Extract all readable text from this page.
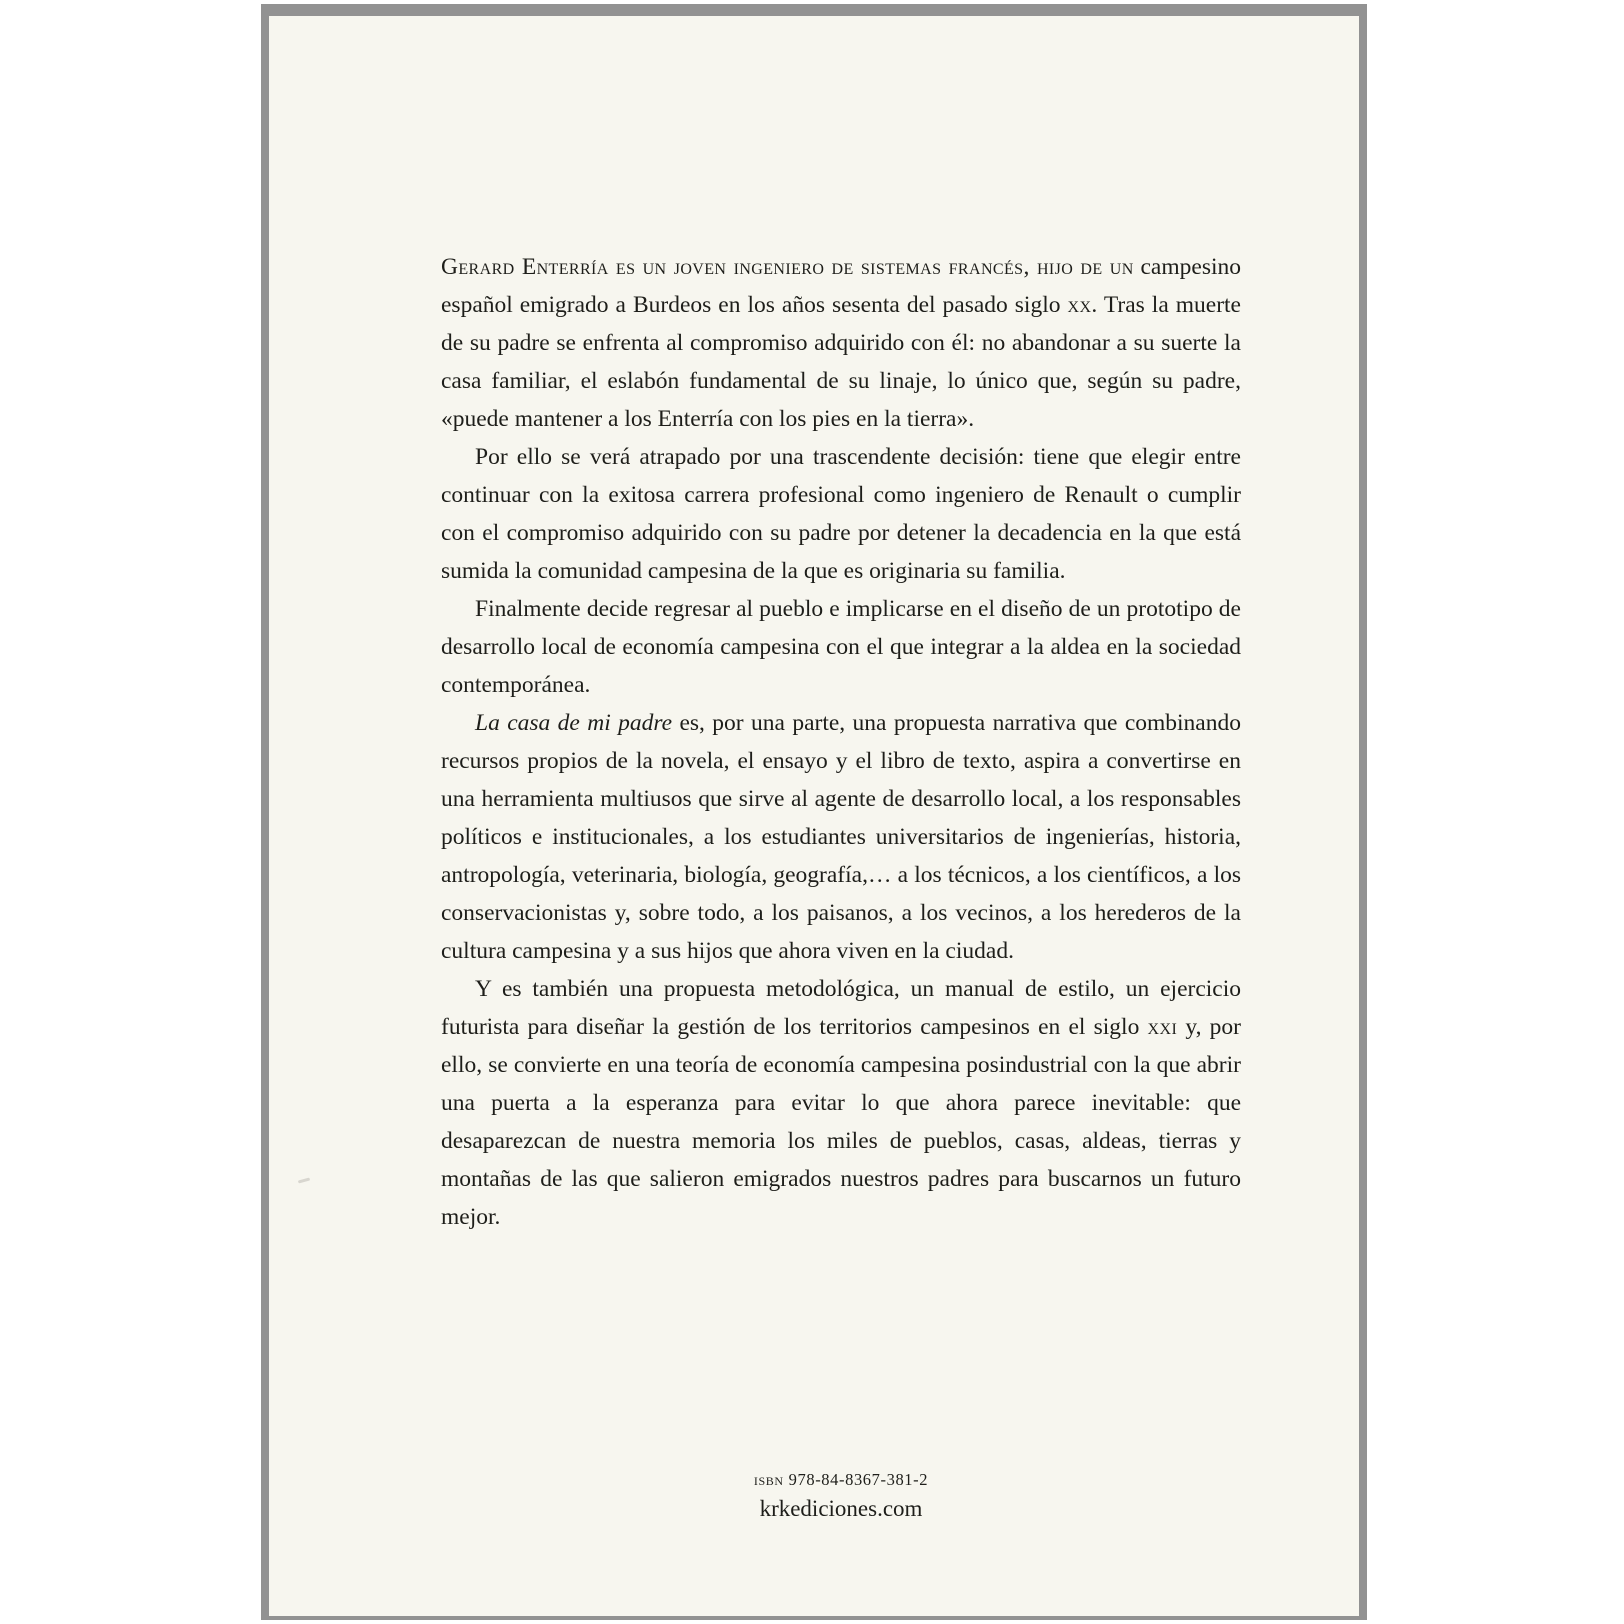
Gerard Enterría es un joven ingeniero de sistemas francés, hijo de un campesino español emigrado a Burdeos en los años sesenta del pasado siglo xx. Tras la muerte de su padre se enfrenta al compromiso adquirido con él: no abandonar a su suerte la casa familiar, el eslabón fundamental de su linaje, lo único que, según su padre, «puede mantener a los Enterría con los pies en la tierra».

Por ello se verá atrapado por una trascendente decisión: tiene que elegir entre continuar con la exitosa carrera profesional como ingeniero de Renault o cumplir con el compromiso adquirido con su padre por detener la decadencia en la que está sumida la comunidad campesina de la que es originaria su familia.

Finalmente decide regresar al pueblo e implicarse en el diseño de un prototipo de desarrollo local de economía campesina con el que integrar a la aldea en la sociedad contemporánea.

La casa de mi padre es, por una parte, una propuesta narrativa que combinando recursos propios de la novela, el ensayo y el libro de texto, aspira a convertirse en una herramienta multiusos que sirve al agente de desarrollo local, a los responsables políticos e institucionales, a los estudiantes universitarios de ingenierías, historia, antropología, veterinaria, biología, geografía,… a los técnicos, a los científicos, a los conservacionistas y, sobre todo, a los paisanos, a los vecinos, a los herederos de la cultura campesina y a sus hijos que ahora viven en la ciudad.

Y es también una propuesta metodológica, un manual de estilo, un ejercicio futurista para diseñar la gestión de los territorios campesinos en el siglo xxi y, por ello, se convierte en una teoría de economía campesina posindustrial con la que abrir una puerta a la esperanza para evitar lo que ahora parece inevitable: que desaparezcan de nuestra memoria los miles de pueblos, casas, aldeas, tierras y montañas de las que salieron emigrados nuestros padres para buscarnos un futuro mejor.

isbn 978-84-8367-381-2
krkediciones.com
